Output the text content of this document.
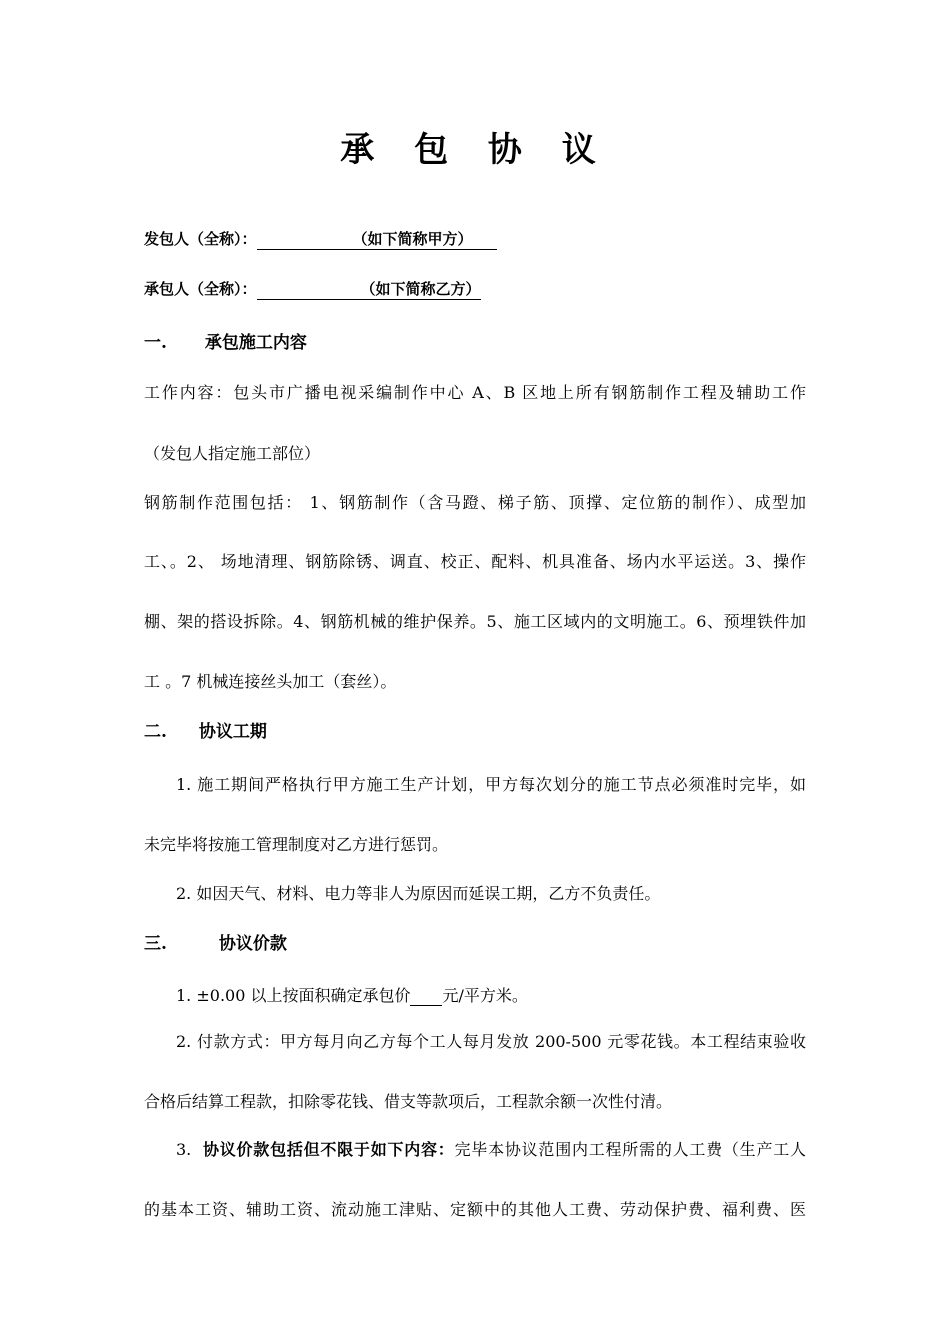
承 包 协 议
发包人（全称）：	（如下简称甲方）
承包人（全称）：	（如下简称乙方）
一. 承包施工内容
工作内容：包头市广播电视采编制作中心 A、B 区地上所有钢筋制作工程及辅助工作
（发包人指定施工部位）
钢筋制作范围包括： 1、钢筋制作（含马蹬、梯子筋、顶撑、定位筋的制作）、成型加
工、。2、 场地清理、钢筋除锈、调直、校正、配料、机具准备、场内水平运送。3、操作
棚、架的搭设拆除。4、钢筋机械的维护保养。5、施工区域内的文明施工。6、预埋铁件加
工 。7 机械连接丝头加工（套丝）。
二. 协议工期
1. 施工期间严格执行甲方施工生产计划，甲方每次划分的施工节点必须准时完毕，如
未完毕将按施工管理制度对乙方进行惩罚。
2. 如因天气、材料、电力等非人为原因而延误工期，乙方不负责任。
三.	协议价款
1. ±0.00 以上按面积确定承包价 元/平方米。
2. 付款方式：甲方每月向乙方每个工人每月发放 200-500 元零花钱。本工程结束验收
合格后结算工程款，扣除零花钱、借支等款项后，工程款余额一次性付清。
3. 协议价款包括但不限于如下内容：完毕本协议范围内工程所需的人工费（生产工人
的基本工资、辅助工资、流动施工津贴、定额中的其他人工费、劳动保护费、福利费、医
